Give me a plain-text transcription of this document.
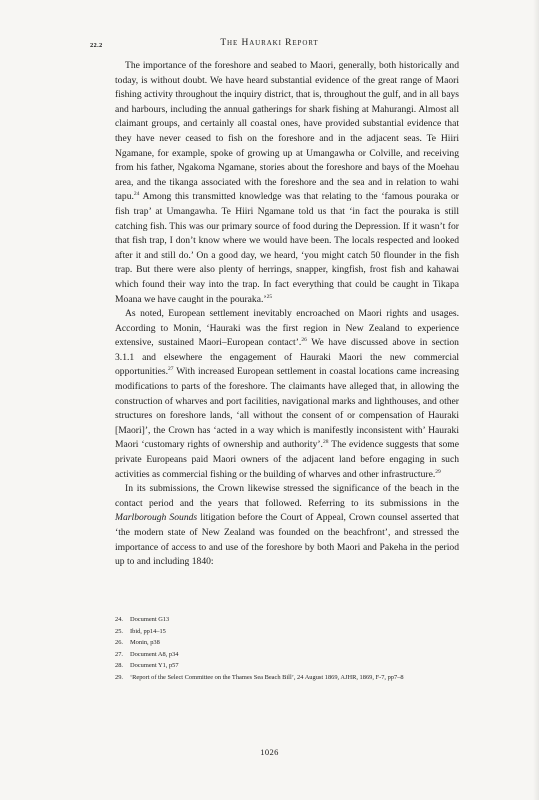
22.2	The Hauraki Report

The importance of the foreshore and seabed to Maori, generally, both historically and today, is without doubt. We have heard substantial evidence of the great range of Maori fishing activity throughout the inquiry district, that is, throughout the gulf, and in all bays and harbours, including the annual gatherings for shark fishing at Mahurangi. Almost all claimant groups, and certainly all coastal ones, have provided substantial evidence that they have never ceased to fish on the foreshore and in the adjacent seas. Te Hiiri Ngamane, for example, spoke of growing up at Umangawha or Colville, and receiving from his father, Ngakoma Ngamane, stories about the foreshore and bays of the Moehau area, and the tikanga associated with the foreshore and the sea and in relation to wahi tapu.$^{24}$ Among this transmitted knowledge was that relating to the ‘famous pouraka or fish trap’ at Umangawha. Te Hiiri Ngamane told us that ‘in fact the pouraka is still catching fish. This was our primary source of food during the Depression. If it wasn’t for that fish trap, I don’t know where we would have been. The locals respected and looked after it and still do.’ On a good day, we heard, ‘you might catch 50 flounder in the fish trap. But there were also plenty of herrings, snapper, kingfish, frost fish and kahawai which found their way into the trap. In fact everything that could be caught in Tikapa Moana we have caught in the pouraka.’$^{25}$

As noted, European settlement inevitably encroached on Maori rights and usages. According to Monin, ‘Hauraki was the first region in New Zealand to experience extensive, sustained Maori–European contact’.$^{26}$ We have discussed above in section 3.1.1 and elsewhere the engagement of Hauraki Maori the new commercial opportunities.$^{27}$ With increased European settlement in coastal locations came increasing modifications to parts of the foreshore. The claimants have alleged that, in allowing the construction of wharves and port facilities, navigational marks and lighthouses, and other structures on foreshore lands, ‘all without the consent of or compensation of Hauraki [Maori]’, the Crown has ‘acted in a way which is manifestly inconsistent with’ Hauraki Maori ‘customary rights of ownership and authority’.$^{28}$ The evidence suggests that some private Europeans paid Maori owners of the adjacent land before engaging in such activities as commercial fishing or the building of wharves and other infrastructure.$^{29}$

In its submissions, the Crown likewise stressed the significance of the beach in the contact period and the years that followed. Referring to its submissions in the Marlborough Sounds litigation before the Court of Appeal, Crown counsel asserted that ‘the modern state of New Zealand was founded on the beachfront’, and stressed the importance of access to and use of the foreshore by both Maori and Pakeha in the period up to and including 1840:

24. Document G13
25. Ibid, pp14–15
26. Monin, p38
27. Document A8, p34
28. Document Y1, p57
29. ‘Report of the Select Committee on the Thames Sea Beach Bill’, 24 August 1869, AJHR, 1869, F-7, pp7–8
1026
